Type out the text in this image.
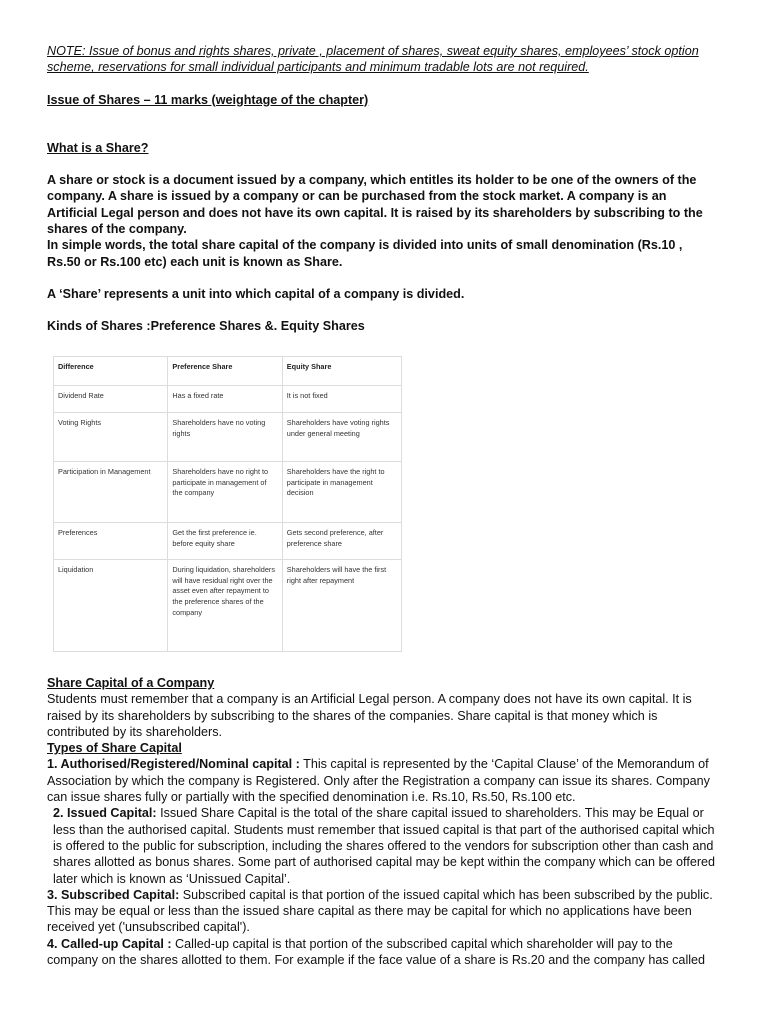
NOTE: Issue of bonus and rights shares, private , placement of shares, sweat equity shares, employees’ stock option scheme, reservations for small individual participants and minimum tradable lots are not required.

Issue of Shares – 11 marks (weightage of the chapter)

What is a Share?

A share or stock is a document issued by a company, which entitles its holder to be one of the owners of the company. A share is issued by a company or can be purchased from the stock market. A company is an Artificial Legal person and does not have its own capital. It is raised by its shareholders by subscribing to the shares of the company.

In simple words, the total share capital of the company is divided into units of small denomination (Rs.10 , Rs.50 or Rs.100 etc) each unit is known as Share.

A ‘Share’ represents a unit into which capital of a company is divided.

Kinds of Shares :Preference Shares &. Equity Shares

Difference	Preference Share	Equity Share
Dividend Rate	Has a fixed rate	It is not fixed
Voting Rights	Shareholders have no voting rights	Shareholders have voting rights under general meeting
Participation in Management	Shareholders have no right to participate in management of the company	Shareholders have the right to participate in management decision
Preferences	Get the first preference ie. before equity share	Gets second preference, after preference share
Liquidation	During liquidation, shareholders will have residual right over the asset even after repayment to the preference shares of the company	Shareholders will have the first right after repayment

Share Capital of a Company

Students must remember that a company is an Artificial Legal person. A company does not have its own capital. It is raised by its shareholders by subscribing to the shares of the companies. Share capital is that money which is contributed by its shareholders.

Types of Share Capital

1. Authorised/Registered/Nominal capital : This capital is represented by the ‘Capital Clause’ of the Memorandum of Association by which the company is Registered. Only after the Registration a company can issue its shares. Company can issue shares fully or partially with the specified denomination i.e. Rs.10, Rs.50, Rs.100 etc.

2. Issued Capital: Issued Share Capital is the total of the share capital issued to shareholders. This may be Equal or less than the authorised capital. Students must remember that issued capital is that part of the authorised capital which is offered to the public for subscription, including the shares offered to the vendors for subscription other than cash and shares allotted as bonus shares. Some part of authorised capital may be kept within the company which can be offered later which is known as ‘Unissued Capital’.

3. Subscribed Capital: Subscribed capital is that portion of the issued capital which has been subscribed by the public. This may be equal or less than the issued share capital as there may be capital for which no applications have been received yet ('unsubscribed capital').

4. Called-up Capital : Called-up capital is that portion of the subscribed capital which shareholder will pay to the company on the shares allotted to them. For example if the face value of a share is Rs.20 and the company has called
